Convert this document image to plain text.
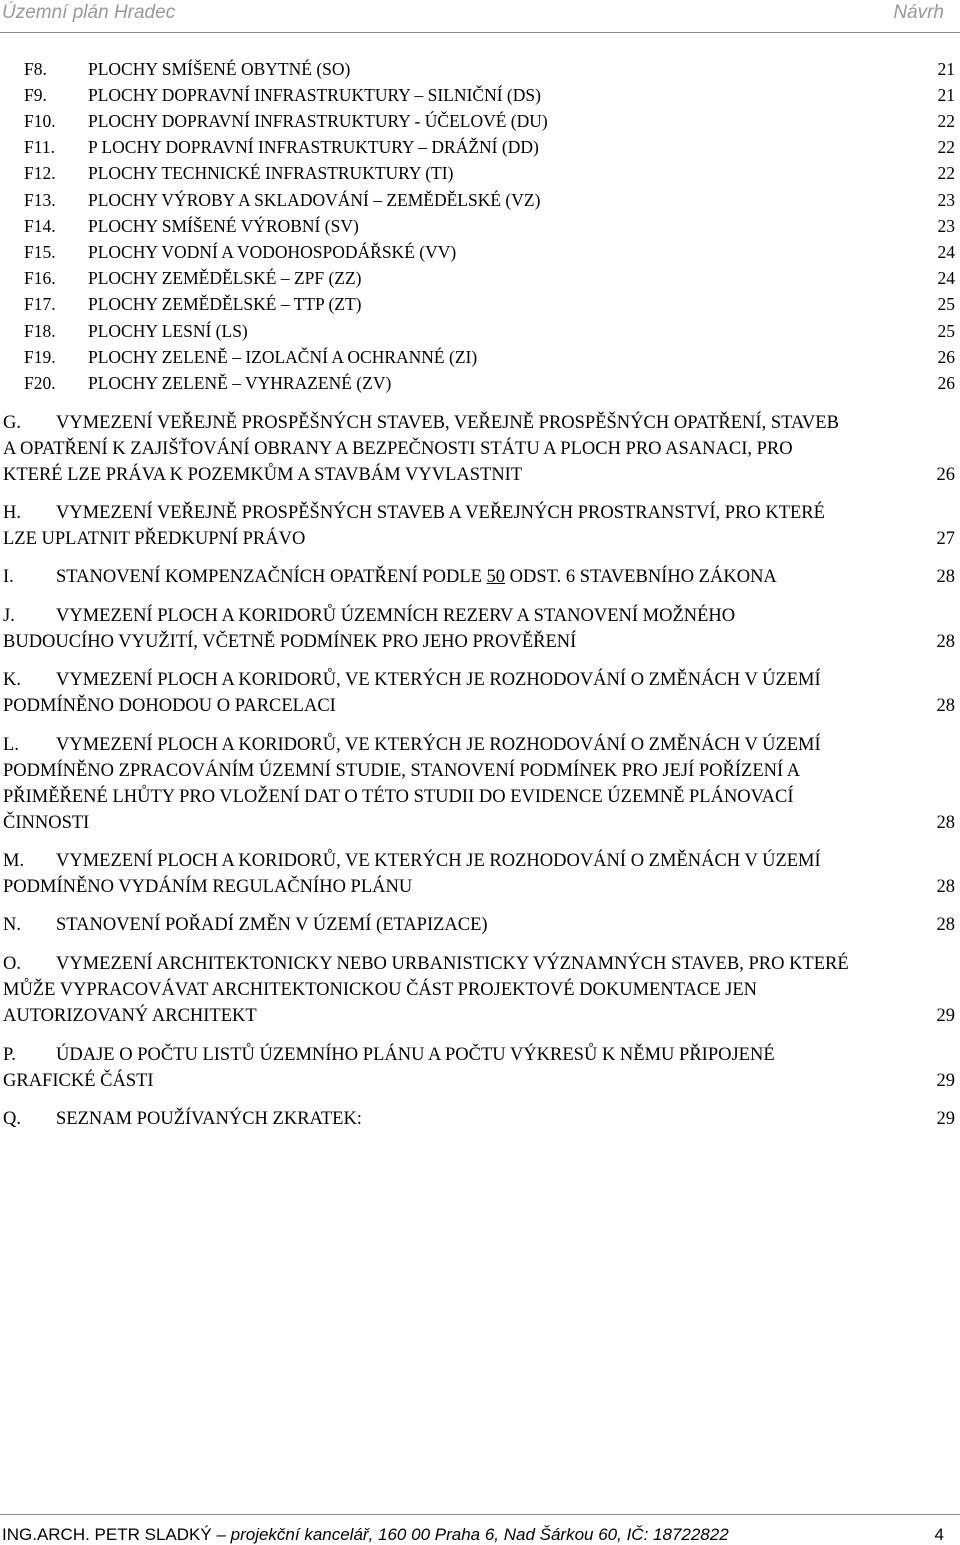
Územní plán Hradec	Návrh
F8. PLOCHY SMÍŠENÉ OBYTNÉ (SO)	21
F9. PLOCHY DOPRAVNÍ INFRASTRUKTURY – SILNIČNÍ (DS)	21
F10. PLOCHY DOPRAVNÍ INFRASTRUKTURY - ÚČELOVÉ (DU)	22
F11. P LOCHY DOPRAVNÍ INFRASTRUKTURY – DRÁŽNÍ (DD)	22
F12. PLOCHY TECHNICKÉ INFRASTRUKTURY (TI)	22
F13. PLOCHY VÝROBY A SKLADOVÁNÍ – ZEMĚDĚLSKÉ (VZ)	23
F14. PLOCHY SMÍŠENÉ VÝROBNÍ (SV)	23
F15. PLOCHY VODNÍ A VODOHOSPODÁŘSKÉ (VV)	24
F16. PLOCHY ZEMĚDĚLSKÉ – ZPF (ZZ)	24
F17. PLOCHY ZEMĚDĚLSKÉ – TTP (ZT)	25
F18. PLOCHY LESNÍ (LS)	25
F19. PLOCHY ZELENĚ – IZOLAČNÍ A OCHRANNÉ (ZI)	26
F20. PLOCHY ZELENĚ – VYHRAZENÉ (ZV)	26
G. VYMEZENÍ VEŘEJNĚ PROSPĚŠNÝCH STAVEB, VEŘEJNĚ PROSPĚŠNÝCH OPATŘENÍ, STAVEB
A OPATŘENÍ K ZAJIŠŤOVÁNÍ OBRANY A BEZPEČNOSTI STÁTU A PLOCH PRO ASANACI, PRO
KTERÉ LZE PRÁVA K POZEMKŮM A STAVBÁM VYVLASTNIT	26
H. VYMEZENÍ VEŘEJNĚ PROSPĚŠNÝCH STAVEB A VEŘEJNÝCH PROSTRANSTVÍ, PRO KTERÉ
LZE UPLATNIT PŘEDKUPNÍ PRÁVO	27
I. STANOVENÍ KOMPENZAČNÍCH OPATŘENÍ PODLE 50 ODST. 6 STAVEBNÍHO ZÁKONA	28
J. VYMEZENÍ PLOCH A KORIDORŮ ÚZEMNÍCH REZERV A STANOVENÍ MOŽNÉHO
BUDOUCÍHO VYUŽITÍ, VČETNĚ PODMÍNEK PRO JEHO PROVĚŘENÍ	28
K. VYMEZENÍ PLOCH A KORIDORŮ, VE KTERÝCH JE ROZHODOVÁNÍ O ZMĚNÁCH V ÚZEMÍ
PODMÍNĚNO DOHODOU O PARCELACI	28
L. VYMEZENÍ PLOCH A KORIDORŮ, VE KTERÝCH JE ROZHODOVÁNÍ O ZMĚNÁCH V ÚZEMÍ
PODMÍNĚNO ZPRACOVÁNÍM ÚZEMNÍ STUDIE, STANOVENÍ PODMÍNEK PRO JEJÍ POŘÍZENÍ A
PŘIMĚŘENÉ LHŮTY PRO VLOŽENÍ DAT O TÉTO STUDII DO EVIDENCE ÚZEMNĚ PLÁNOVACÍ
ČINNOSTI	28
M. VYMEZENÍ PLOCH A KORIDORŮ, VE KTERÝCH JE ROZHODOVÁNÍ O ZMĚNÁCH V ÚZEMÍ
PODMÍNĚNO VYDÁNÍM REGULAČNÍHO PLÁNU	28
N. STANOVENÍ POŘADÍ ZMĚN V ÚZEMÍ (ETAPIZACE)	28
O. VYMEZENÍ ARCHITEKTONICKY NEBO URBANISTICKY VÝZNAMNÝCH STAVEB, PRO KTERÉ
MŮŽE VYPRACOVÁVAT ARCHITEKTONICKOU ČÁST PROJEKTOVÉ DOKUMENTACE JEN
AUTORIZOVANÝ ARCHITEKT	29
P. ÚDAJE O POČTU LISTŮ ÚZEMNÍHO PLÁNU A POČTU VÝKRESŮ K NĚMU PŘIPOJENÉ
GRAFICKÉ ČÁSTI	29
Q. SEZNAM POUŽÍVANÝCH ZKRATEK:	29
ING.ARCH. PETR SLADKÝ – projekční kancelář, 160 00 Praha 6, Nad Šárkou 60, IČ: 18722822	4
